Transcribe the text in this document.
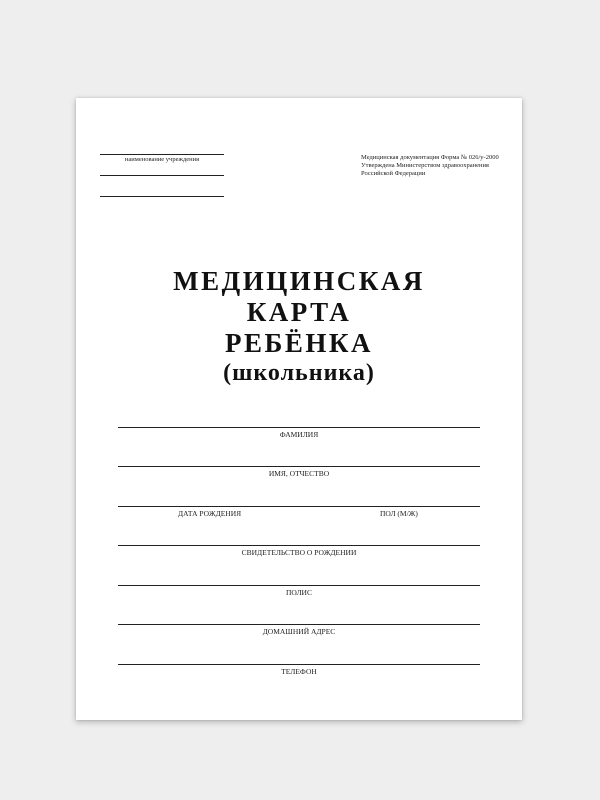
наименование учреждения	Медицинская документация Форма № 026/у-2000
Утверждена Министерством здравоохранения
Российской Федерации
МЕДИЦИНСКАЯ
КАРТА
РЕБЁНКА
(школьника)
ФАМИЛИЯ
ИМЯ, ОТЧЕСТВО
ДАТА РОЖДЕНИЯ	ПОЛ (М/Ж)
СВИДЕТЕЛЬСТВО О РОЖДЕНИИ
ПОЛИС
ДОМАШНИЙ АДРЕС
ТЕЛЕФОН
